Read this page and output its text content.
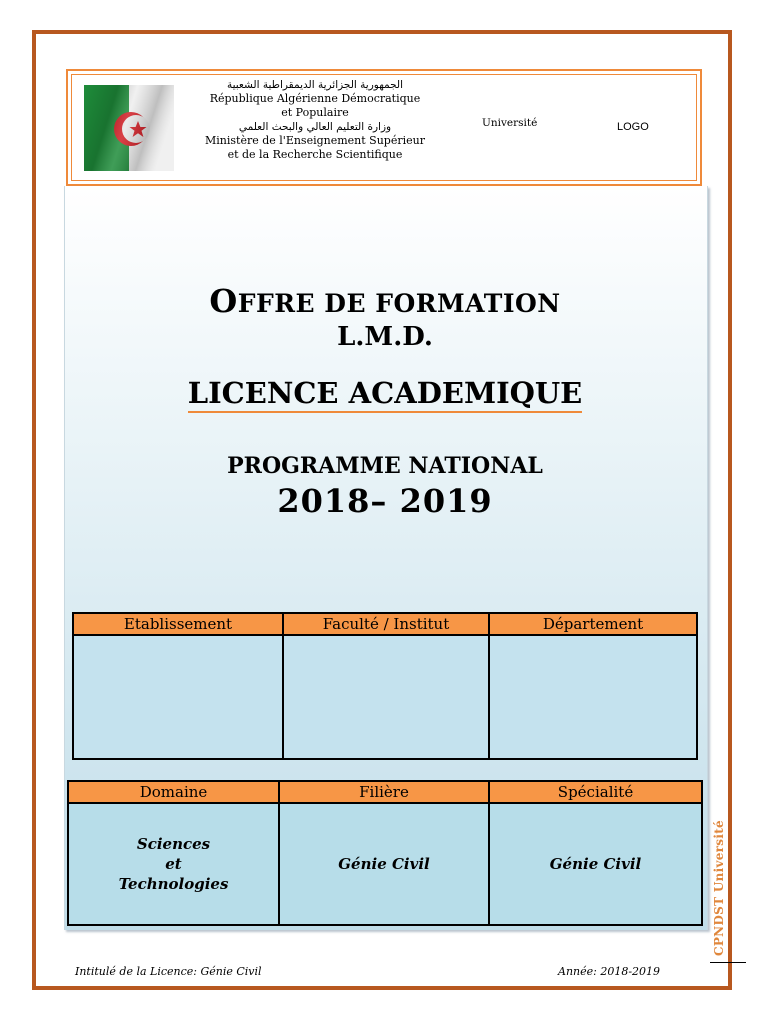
الجمهورية الجزائرية الديمقراطية الشعبية
République Algérienne Démocratique
et Populaire
وزارة التعليم العالي والبحث العلمي
Ministère de l'Enseignement Supérieur
et de la Recherche Scientifique
Université	LOGO
OFFRE DE FORMATION
L.M.D.
LICENCE ACADEMIQUE
PROGRAMME NATIONAL
2018– 2019
Etablissement	Faculté / Institut	Département

Domaine	Filière	Spécialité

Sciences
et
Technologies	Génie Civil	Génie Civil	CPNDST Université
Intitulé de la Licence: Génie Civil	Année: 2018-2019
